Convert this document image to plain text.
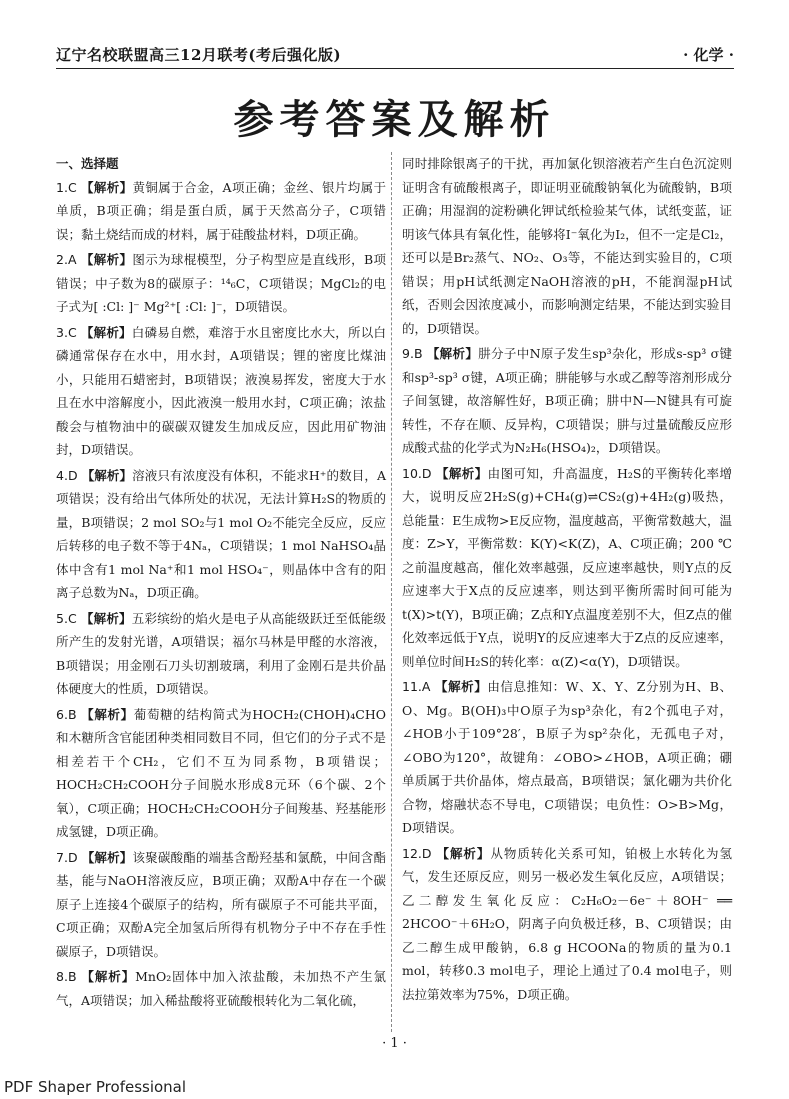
辽宁名校联盟高三12月联考(考后强化版)	· 化学 ·
参考答案及解析
一、选择题

1.C 【解析】黄铜属于合金，A项正确；金丝、银片均属于单质，B项正确；绢是蛋白质，属于天然高分子，C项错误；黏土烧结而成的材料，属于硅酸盐材料，D项正确。

2.A 【解析】图示为球棍模型，分子构型应是直线形，B项错误；中子数为8的碳原子：¹⁴₆C，C项错误；MgCl₂的电子式为[ :Cl: ]⁻ Mg²⁺[ :Cl: ]⁻，D项错误。

3.C 【解析】白磷易自燃，难溶于水且密度比水大，所以白磷通常保存在水中，用水封，A项错误；锂的密度比煤油小，只能用石蜡密封，B项错误；液溴易挥发，密度大于水且在水中溶解度小，因此液溴一般用水封，C项正确；浓盐酸会与植物油中的碳碳双键发生加成反应，因此用矿物油封，D项错误。

4.D 【解析】溶液只有浓度没有体积，不能求H⁺的数目，A项错误；没有给出气体所处的状况，无法计算H₂S的物质的量，B项错误；2 mol SO₂与1 mol O₂不能完全反应，反应后转移的电子数不等于4Nₐ，C项错误；1 mol NaHSO₄晶体中含有1 mol Na⁺和1 mol HSO₄⁻，则晶体中含有的阳离子总数为Nₐ，D项正确。

5.C 【解析】五彩缤纷的焰火是电子从高能级跃迁至低能级所产生的发射光谱，A项错误；福尔马林是甲醛的水溶液，B项错误；用金刚石刀头切割玻璃，利用了金刚石是共价晶体硬度大的性质，D项错误。

6.B 【解析】葡萄糖的结构简式为HOCH₂(CHOH)₄CHO和木糖所含官能团种类相同数目不同，但它们的分子式不是相差若干个CH₂，它们不互为同系物，B项错误；HOCH₂CH₂COOH分子间脱水形成8元环（6个碳、2个氧），C项正确；HOCH₂CH₂COOH分子间羧基、羟基能形成氢键，D项正确。

7.D 【解析】该聚碳酸酯的端基含酚羟基和氯酰，中间含酯基，能与NaOH溶液反应，B项正确；双酚A中存在一个碳原子上连接4个碳原子的结构，所有碳原子不可能共平面，C项正确；双酚A完全加氢后所得有机物分子中不存在手性碳原子，D项错误。

8.B 【解析】MnO₂固体中加入浓盐酸，未加热不产生氯气，A项错误；加入稀盐酸将亚硫酸根转化为二氧化硫，

同时排除银离子的干扰，再加氯化钡溶液若产生白色沉淀则证明含有硫酸根离子，即证明亚硫酸钠氧化为硫酸钠，B项正确；用湿润的淀粉碘化钾试纸检验某气体，试纸变蓝，证明该气体具有氧化性，能够将I⁻氧化为I₂，但不一定是Cl₂，还可以是Br₂蒸气、NO₂、O₃等，不能达到实验目的，C项错误；用pH试纸测定NaOH溶液的pH，不能润湿pH试纸，否则会因浓度减小，而影响测定结果，不能达到实验目的，D项错误。

9.B 【解析】肼分子中N原子发生sp³杂化，形成s-sp³ σ键和sp³-sp³ σ键，A项正确；肼能够与水或乙醇等溶剂形成分子间氢键，故溶解性好，B项正确；肼中N—N键具有可旋转性，不存在顺、反异构，C项错误；肼与过量硫酸反应形成酸式盐的化学式为N₂H₆(HSO₄)₂，D项错误。

10.D 【解析】由图可知，升高温度，H₂S的平衡转化率增大，说明反应2H₂S(g)+CH₄(g)⇌CS₂(g)+4H₂(g)吸热，总能量：E生成物>E反应物，温度越高，平衡常数越大，温度：Z>Y，平衡常数：K(Y)<K(Z)，A、C项正确；200 ℃之前温度越高，催化效率越强，反应速率越快，则Y点的反应速率大于X点的反应速率，则达到平衡所需时间可能为t(X)>t(Y)，B项正确；Z点和Y点温度差别不大，但Z点的催化效率远低于Y点，说明Y的反应速率大于Z点的反应速率，则单位时间H₂S的转化率：α(Z)<α(Y)，D项错误。

11.A 【解析】由信息推知：W、X、Y、Z分别为H、B、O、Mg。B(OH)₃中O原子为sp³杂化，有2个孤电子对，∠HOB小于109°28′，B原子为sp²杂化，无孤电子对，∠OBO为120°，故键角：∠OBO>∠HOB，A项正确；硼单质属于共价晶体，熔点最高，B项错误；氯化硼为共价化合物，熔融状态不导电，C项错误；电负性：O>B>Mg，D项错误。

12.D 【解析】从物质转化关系可知，铂极上水转化为氢气，发生还原反应，则另一极必发生氧化反应，A项错误；乙二醇发生氧化反应：C₂H₆O₂－6e⁻＋8OH⁻ ══ 2HCOO⁻＋6H₂O，阴离子向负极迁移，B、C项错误；由乙二醇生成甲酸钠，6.8 g HCOONa的物质的量为0.1 mol，转移0.3 mol电子，理论上通过了0.4 mol电子，则法拉第效率为75%，D项正确。

· 1 ·
PDF Shaper Professional
